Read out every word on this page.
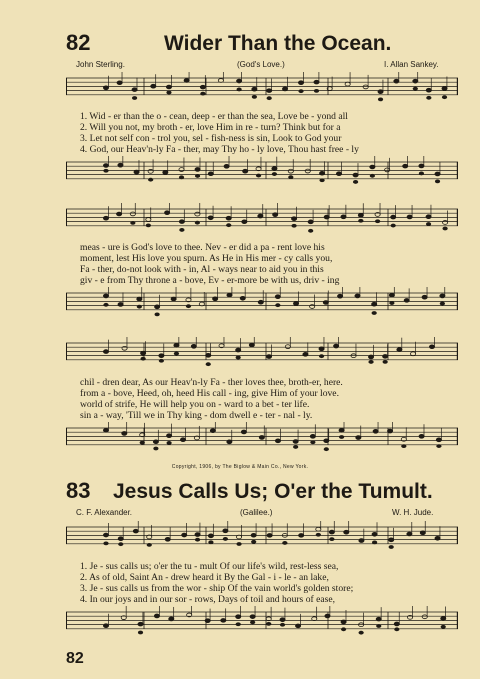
82	Wider Than the Ocean.
John Sterling.	(God's Love.)	I. Allan Sankey.
1. Wid - er than the o - cean, deep - er than the sea, Love be - yond all
2. Will you not, my broth - er, love Him in re - turn? Think but for a
3. Let not self con - trol you, sel - fish-ness is sin, Look to God your
4. God, our Heav'n-ly Fa - ther, may Thy ho - ly love, Thou hast free - ly
meas - ure is God's love to thee. Nev - er did a pa - rent love his
moment, lest His love you spurn. As He in His mer - cy calls you,
Fa - ther, do-not look with - in, Al - ways near to aid you in this
giv - e from Thy throne a - bove, Ev - er-more be with us, driv - ing
chil - dren dear, As our Heav'n-ly Fa - ther loves thee, broth-er, here.
from a - bove, Heed, oh, heed His call - ing, give Him of your love.
world of strife, He will help you on - ward to a bet - ter life.
sin a - way, 'Till we in Thy king - dom dwell e - ter - nal - ly.
Copyright, 1906, by The Biglow & Main Co., New York.
83 Jesus Calls Us; O'er the Tumult.
C. F. Alexander.	(Galilee.)	W. H. Jude.
1. Je - sus calls us; o'er the tu - mult Of our life's wild, rest-less sea,
2. As of old, Saint An - drew heard it By the Gal - i - le - an lake,
3. Je - sus calls us from the wor - ship Of the vain world's golden store;
4. In our joys and in our sor - rows, Days of toil and hours of ease,
82
